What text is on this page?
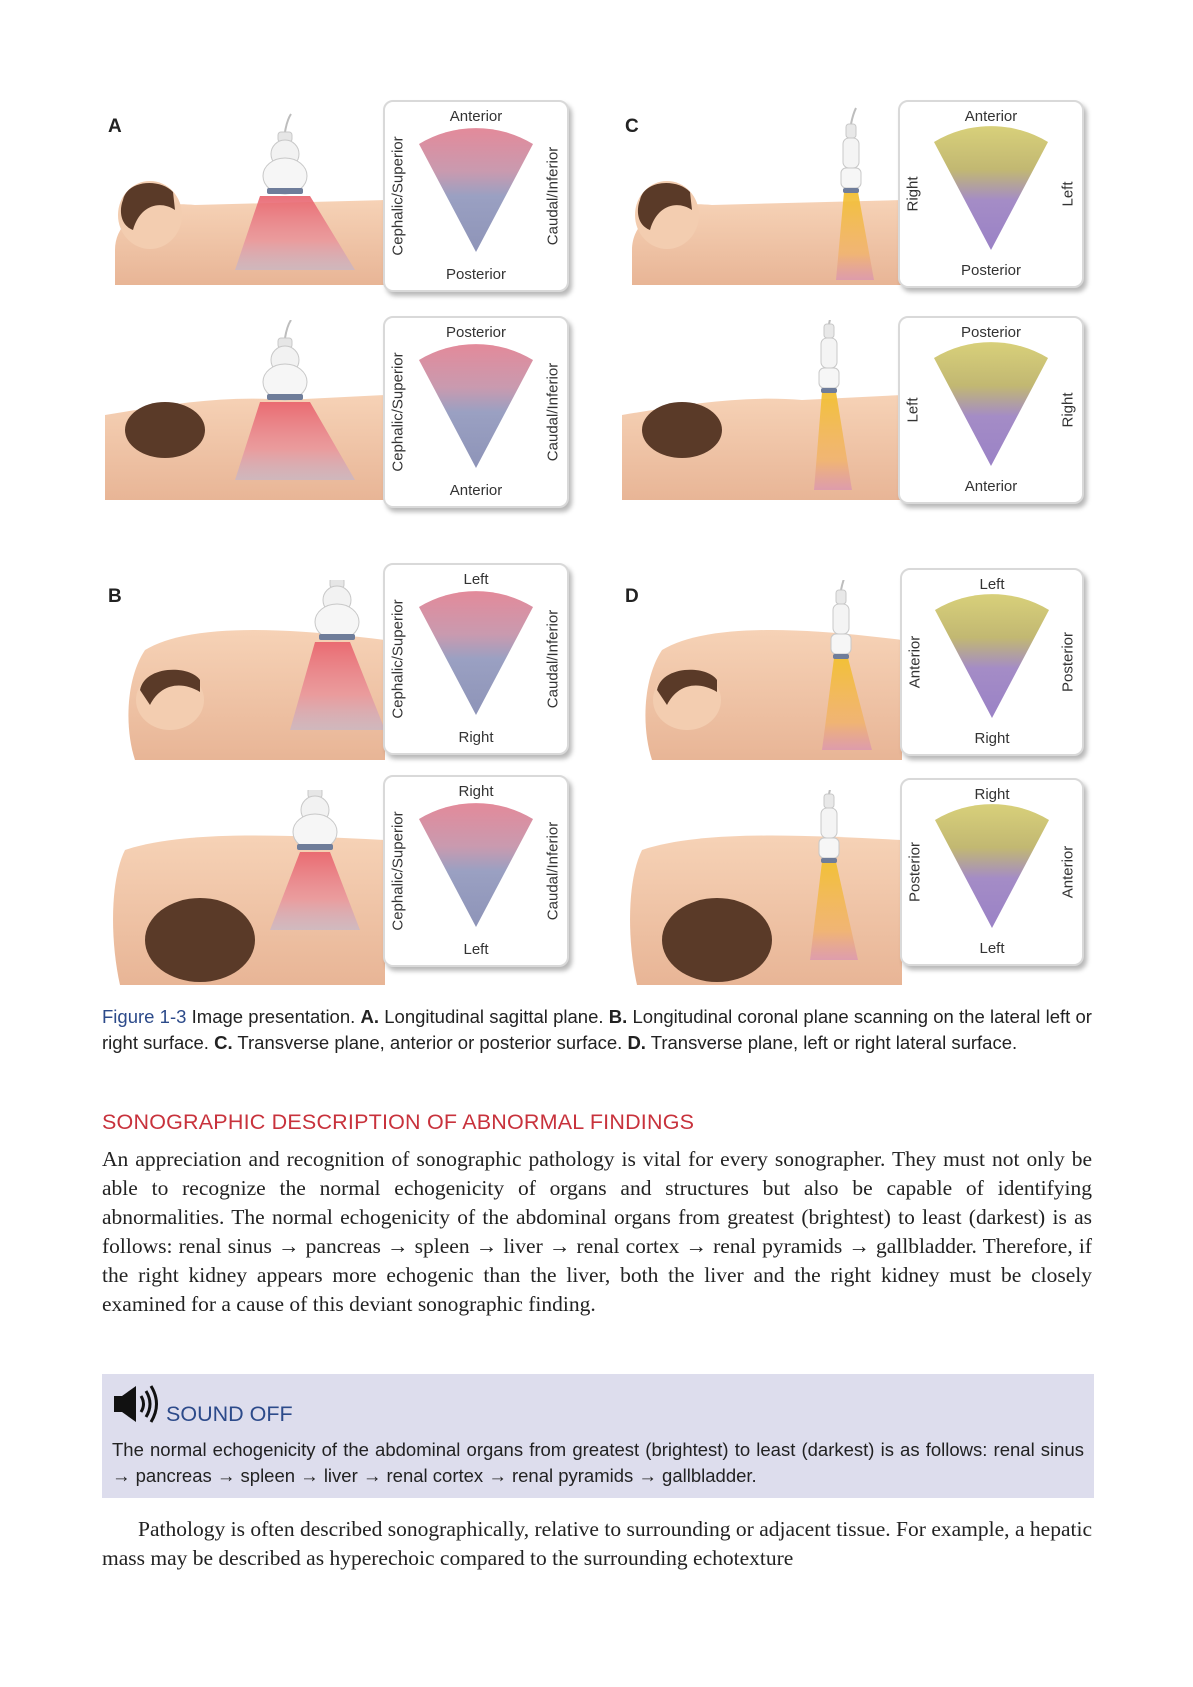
A	Anterior
Posterior
Cephalic/Superior	Caudal/Inferior
Posterior
Anterior
Cephalic/Superior	Caudal/Inferior
C	Anterior
Posterior
Right	Left
Posterior
Anterior
Left	Right
B
Left
Right
Cephalic/Superior	Caudal/Inferior
Right
Left
Cephalic/Superior	Caudal/Inferior
D
Left
Right
Anterior	Posterior
Right
Left
Posterior	Anterior
Figure 1-3 Image presentation. A. Longitudinal sagittal plane. B. Longitudinal coronal plane scanning on the lateral left or right surface. C. Transverse plane, anterior or posterior surface. D. Transverse plane, left or right lateral surface.
SONOGRAPHIC DESCRIPTION OF ABNORMAL FINDINGS
An appreciation and recognition of sonographic pathology is vital for every sonographer. They must not only be able to recognize the normal echogenicity of organs and structures but also be capable of identifying abnormalities. The normal echogenicity of the abdominal organs from greatest (brightest) to least (darkest) is as follows: renal sinus → pancreas → spleen → liver → renal cortex → renal pyramids → gallbladder. Therefore, if the right kidney appears more echogenic than the liver, both the liver and the right kidney must be closely examined for a cause of this deviant sonographic finding.
SOUND OFF
The normal echogenicity of the abdominal organs from greatest (brightest) to least (darkest) is as follows: renal sinus → pancreas → spleen → liver → renal cortex → renal pyramids → gallbladder.
Pathology is often described sonographically, relative to surrounding or adjacent tissue. For example, a hepatic mass may be described as hyperechoic compared to the surrounding echotexture
